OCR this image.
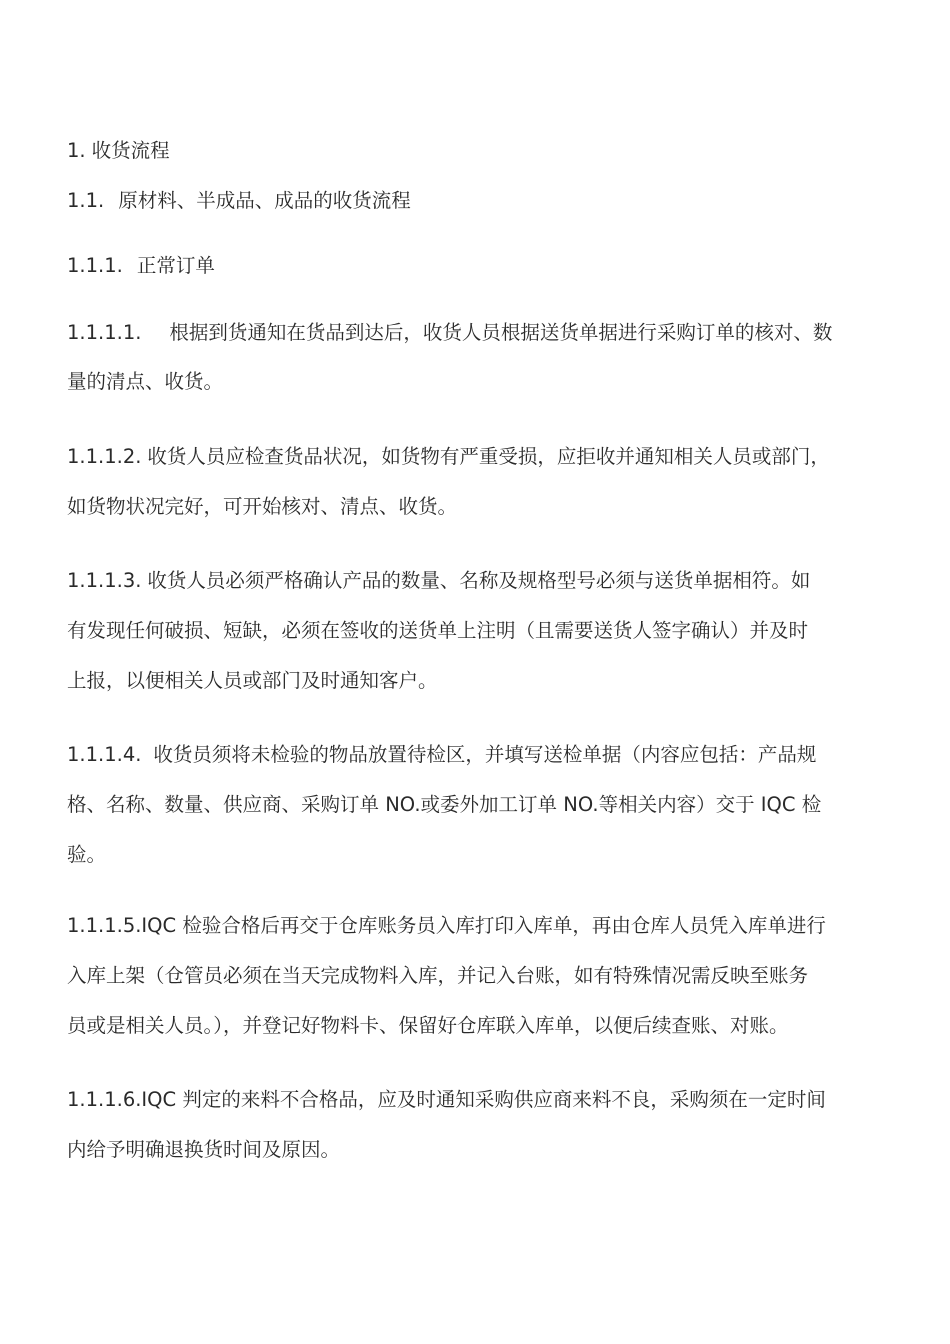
1. 收货流程
1.1. 原材料、半成品、成品的收货流程
1.1.1. 正常订单
1.1.1.1. 根据到货通知在货品到达后，收货人员根据送货单据进行采购订单的核对、数
量的清点、收货。
1.1.1.2. 收货人员应检查货品状况，如货物有严重受损，应拒收并通知相关人员或部门，
如货物状况完好，可开始核对、清点、收货。
1.1.1.3. 收货人员必须严格确认产品的数量、名称及规格型号必须与送货单据相符。如
有发现任何破损、短缺，必须在签收的送货单上注明（且需要送货人签字确认）并及时
上报，以便相关人员或部门及时通知客户。
1.1.1.4. 收货员须将未检验的物品放置待检区，并填写送检单据（内容应包括：产品规
格、名称、数量、供应商、采购订单 NO.或委外加工订单 NO.等相关内容）交于 IQC 检
验。
1.1.1.5.IQC 检验合格后再交于仓库账务员入库打印入库单，再由仓库人员凭入库单进行
入库上架（仓管员必须在当天完成物料入库，并记入台账，如有特殊情况需反映至账务
员或是相关人员。），并登记好物料卡、保留好仓库联入库单，以便后续查账、对账。
1.1.1.6.IQC 判定的来料不合格品，应及时通知采购供应商来料不良，采购须在一定时间
内给予明确退换货时间及原因。
